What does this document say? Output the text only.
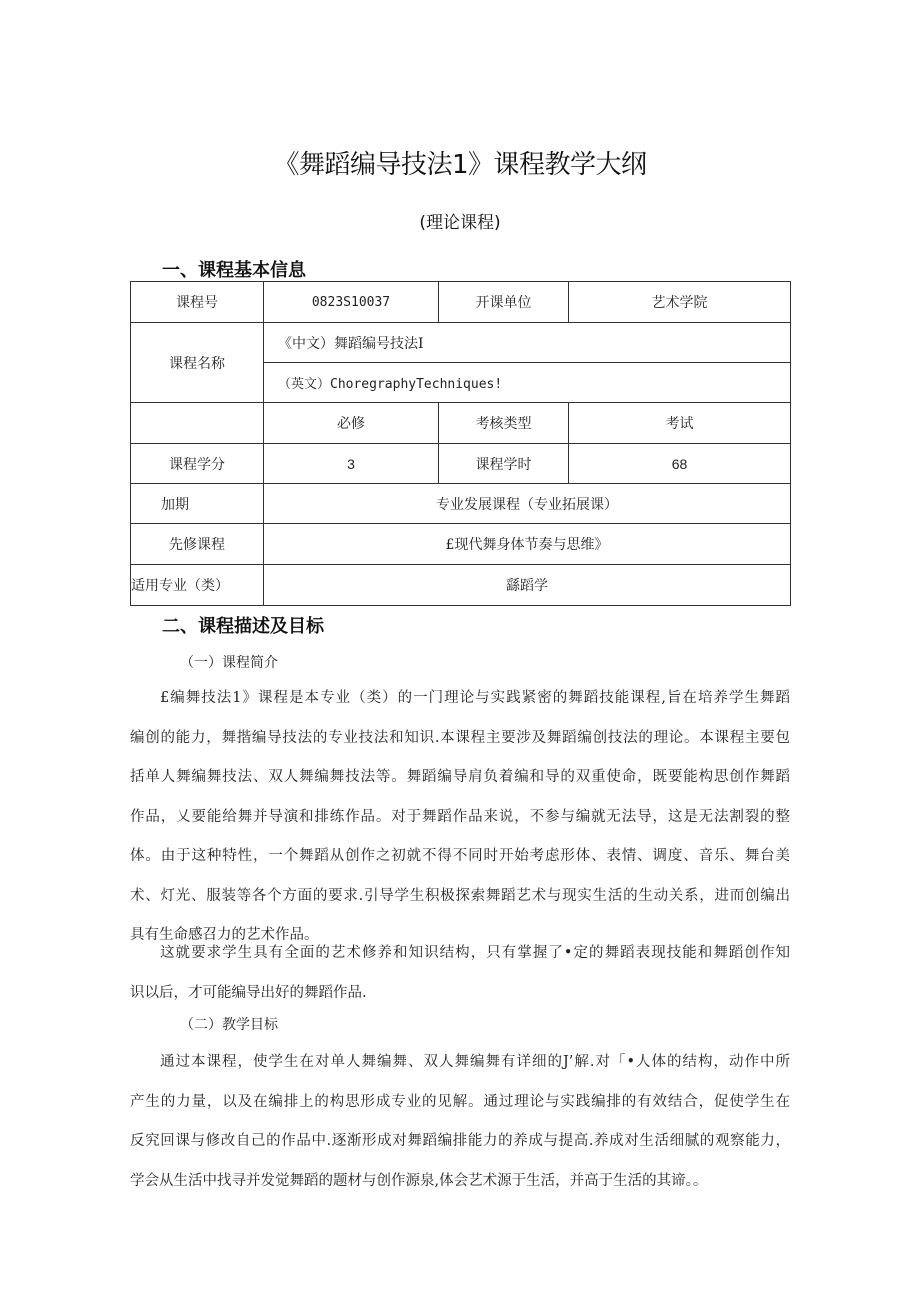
《舞蹈编导技法1》课程教学大纲
(理论课程)
一、课程基本信息
课程号	0823S10037	开课单位	艺术学院
课程名称	《中文）舞蹈编号技法I		
	（英文）ChoregraphyTechniques!		
	必修	考核类型	考试
课程学分	3	课程学时	68
加期	专业发展课程（专业拓展课）		
先修课程	£现代舞身体节奏与思维》		
适用专业（类）	繇蹈学		
二、课程描述及目标
（一）课程简介
£编舞技法1》课程是本专业（类）的一门理论与实践紧密的舞蹈技能课程,旨在培养学生舞蹈
编创的能力，舞揩编导技法的专业技法和知识.本课程主要涉及舞蹈编创技法的理论。本课程主要包
括单人舞编舞技法、双人舞编舞技法等。舞蹈编导肩负着编和导的双重使命，既要能构思创作舞蹈
作品，乂要能给舞并导演和排练作品。对于舞蹈作品来说，不参与编就无法导，这是无法割裂的整
体。由于这种特性，一个舞蹈从创作之初就不得不同时开始考虑形体、表情、调度、音乐、舞台美
术、灯光、服装等各个方面的要求.引导学生积极探索舞蹈艺术与现实生活的生动关系，进而创编出
具有生命感召力的艺术作品。
这就要求学生具有全面的艺术修养和知识结构，只有掌握了•定的舞蹈表现技能和舞蹈创作知
识以后，才可能编导出好的舞蹈作品.
（二）教学目标
通过本课程，使学生在对单人舞编舞、双人舞编舞有详细的J’解.对「•人体的结构，动作中所
产生的力量，以及在编排上的构思形成专业的见解。通过理论与实践编排的有效结合，促使学生在
反究回课与修改自己的作品中.逐渐形成对舞蹈编排能力的养成与提高.养成对生活细腻的观察能力，
学会从生活中找寻并发觉舞蹈的题材与创作源泉,体会艺术源于生活，并高于生活的其谛。。
